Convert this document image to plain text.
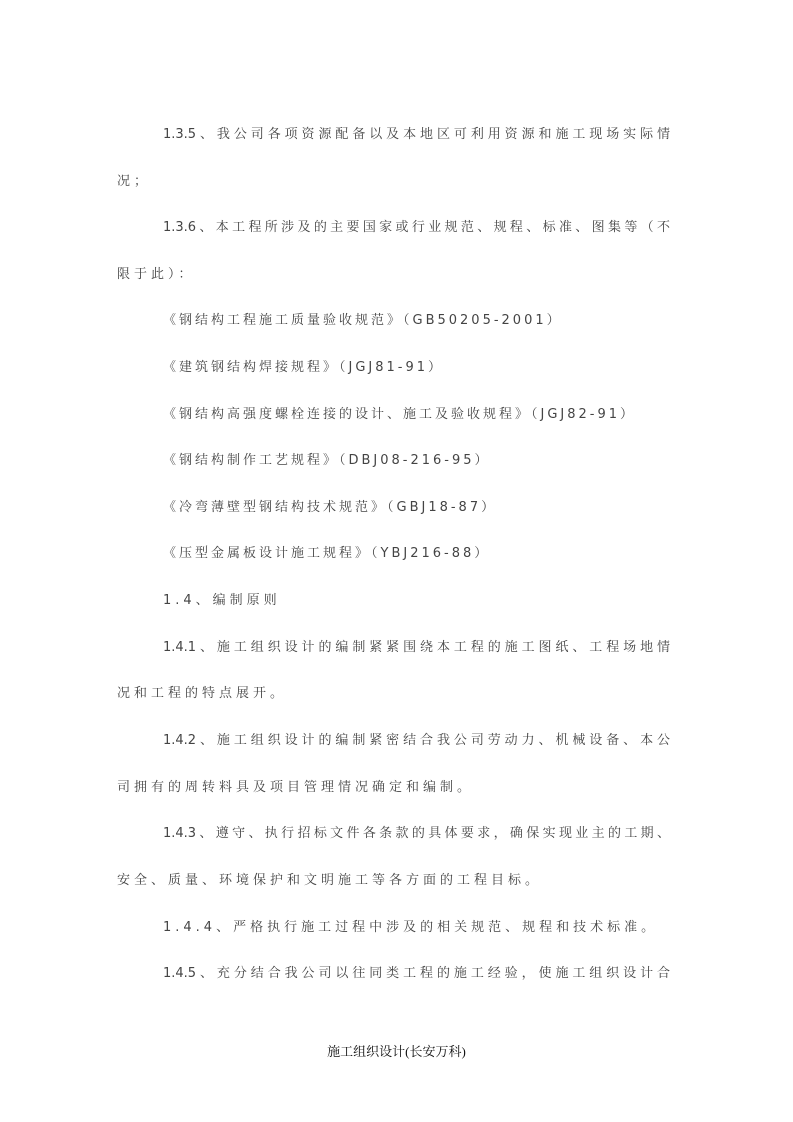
1.3.5、我公司各项资源配备以及本地区可利用资源和施工现场实际情
况；
1.3.6、本工程所涉及的主要国家或行业规范、规程、标准、图集等（不
限于此）：
《钢结构工程施工质量验收规范》（GB50205-2001）
《建筑钢结构焊接规程》（JGJ81-91）
《钢结构高强度螺栓连接的设计、施工及验收规程》（JGJ82-91）
《钢结构制作工艺规程》（DBJ08-216-95）
《冷弯薄壁型钢结构技术规范》（GBJ18-87）
《压型金属板设计施工规程》（YBJ216-88）
1.4、编制原则
1.4.1、施工组织设计的编制紧紧围绕本工程的施工图纸、工程场地情
况和工程的特点展开。
1.4.2、施工组织设计的编制紧密结合我公司劳动力、机械设备、本公
司拥有的周转料具及项目管理情况确定和编制。
1.4.3、遵守、执行招标文件各条款的具体要求，确保实现业主的工期、
安全、质量、环境保护和文明施工等各方面的工程目标。
1.4.4、严格执行施工过程中涉及的相关规范、规程和技术标准。
1.4.5、充分结合我公司以往同类工程的施工经验，使施工组织设计合
施工组织设计(长安万科)
